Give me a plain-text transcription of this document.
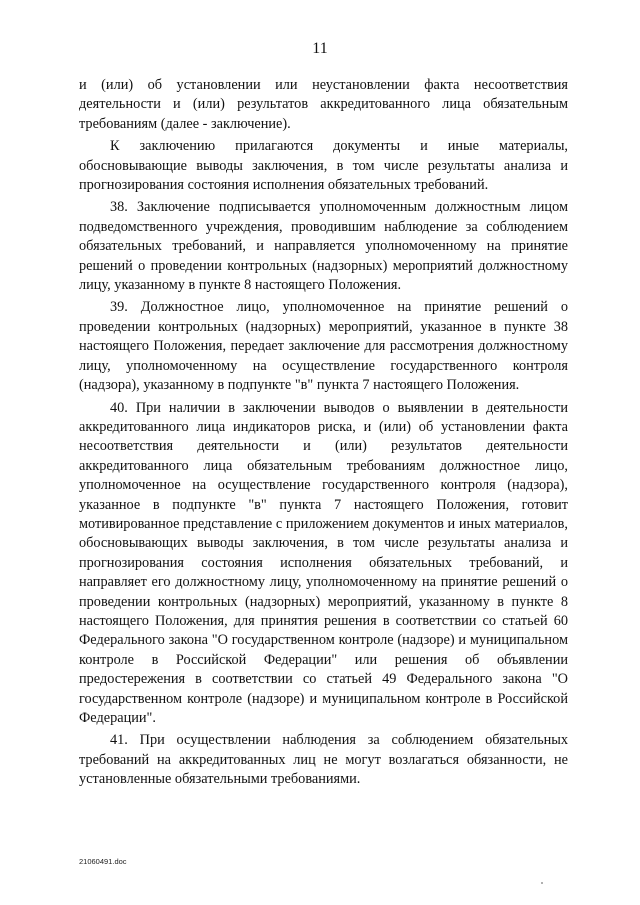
11

и (или) об установлении или неустановлении факта несоответствия деятельности и (или) результатов аккредитованного лица обязательным требованиям (далее - заключение).

К заключению прилагаются документы и иные материалы, обосновывающие выводы заключения, в том числе результаты анализа и прогнозирования состояния исполнения обязательных требований.

38. Заключение подписывается уполномоченным должностным лицом подведомственного учреждения, проводившим наблюдение за соблюдением обязательных требований, и направляется уполномоченному на принятие решений о проведении контрольных (надзорных) мероприятий должностному лицу, указанному в пункте 8 настоящего Положения.

39. Должностное лицо, уполномоченное на принятие решений о проведении контрольных (надзорных) мероприятий, указанное в пункте 38 настоящего Положения, передает заключение для рассмотрения должностному лицу, уполномоченному на осуществление государственного контроля (надзора), указанному в подпункте "в" пункта 7 настоящего Положения.

40. При наличии в заключении выводов о выявлении в деятельности аккредитованного лица индикаторов риска, и (или) об установлении факта несоответствия деятельности и (или) результатов деятельности аккредитованного лица обязательным требованиям должностное лицо, уполномоченное на осуществление государственного контроля (надзора), указанное в подпункте "в" пункта 7 настоящего Положения, готовит мотивированное представление с приложением документов и иных материалов, обосновывающих выводы заключения, в том числе результаты анализа и прогнозирования состояния исполнения обязательных требований, и направляет его должностному лицу, уполномоченному на принятие решений о проведении контрольных (надзорных) мероприятий, указанному в пункте 8 настоящего Положения, для принятия решения в соответствии со статьей 60 Федерального закона "О государственном контроле (надзоре) и муниципальном контроле в Российской Федерации" или решения об объявлении предостережения в соответствии со статьей 49 Федерального закона "О государственном контроле (надзоре) и муниципальном контроле в Российской Федерации".

41. При осуществлении наблюдения за соблюдением обязательных требований на аккредитованных лиц не могут возлагаться обязанности, не установленные обязательными требованиями.

21060491.doc
